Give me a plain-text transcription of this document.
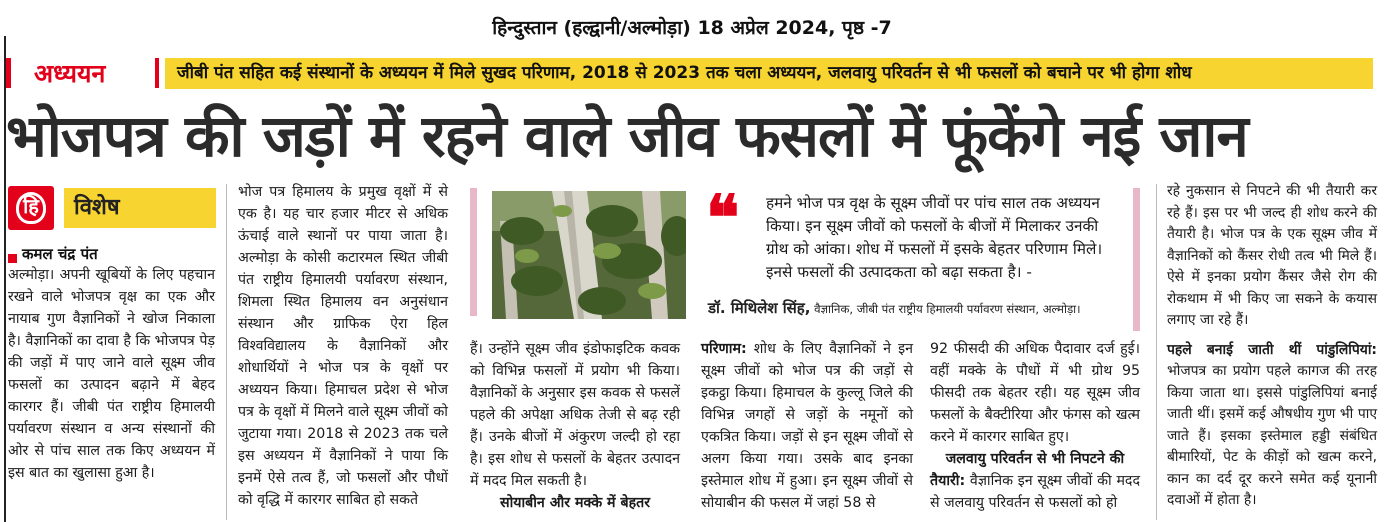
हिन्दुस्तान (हल्द्वानी/अल्मोड़ा) 18 अप्रेल 2024, पृष्ठ -7
अध्ययन	जीबी पंत सहित कई संस्थानों के अध्ययन में मिले सुखद परिणाम, 2018 से 2023 तक चला अध्ययन, जलवायु परिवर्तन से भी फसलों को बचाने पर भी होगा शोध
भोजपत्र की जड़ों में रहने वाले जीव फसलों में फूंकेंगे नई जान
हि	विशेष
कमल चंद्र पंत

अल्मोड़ा। अपनी खूबियों के लिए पहचान रखने वाले भोजपत्र वृक्ष का एक और नायाब गुण वैज्ञानिकों ने खोज निकाला है। वैज्ञानिकों का दावा है कि भोजपत्र पेड़ की जड़ों में पाए जाने वाले सूक्ष्म जीव फसलों का उत्पादन बढ़ाने में बेहद कारगर हैं। जीबी पंत राष्ट्रीय हिमालयी पर्यावरण संस्थान व अन्य संस्थानों की ओर से पांच साल तक किए अध्ययन में इस बात का खुलासा हुआ है।

भोज पत्र हिमालय के प्रमुख वृक्षों में से एक है। यह चार हजार मीटर से अधिक ऊंचाई वाले स्थानों पर पाया जाता है। अल्मोड़ा के कोसी कटारमल स्थित जीबी पंत राष्ट्रीय हिमालयी पर्यावरण संस्थान, शिमला स्थित हिमालय वन अनुसंधान संस्थान और ग्राफिक ऐरा हिल विश्वविद्यालय के वैज्ञानिकों और शोधार्थियों ने भोज पत्र के वृक्षों पर अध्ययन किया। हिमाचल प्रदेश से भोज पत्र के वृक्षों में मिलने वाले सूक्ष्म जीवों को जुटाया गया। 2018 से 2023 तक चले इस अध्ययन में वैज्ञानिकों ने पाया कि इनमें ऐसे तत्व हैं, जो फसलों और पौधों को वृद्धि में कारगर साबित हो सकते

हैं। उन्होंने सूक्ष्म जीव इंडोफाइटिक कवक को विभिन्न फसलों में प्रयोग भी किया। वैज्ञानिकों के अनुसार इस कवक से फसलें पहले की अपेक्षा अधिक तेजी से बढ़ रही हैं। उनके बीजों में अंकुरण जल्दी हो रहा है। इस शोध से फसलों के बेहतर उत्पादन में मदद मिल सकती है।

सोयाबीन और मक्के में बेहतर

❝ हमने भोज पत्र वृक्ष के सूक्ष्म जीवों पर पांच साल तक अध्ययन किया। इन सूक्ष्म जीवों को फसलों के बीजों में मिलाकर उनकी ग्रोथ को आंका। शोध में फसलों में इसके बेहतर परिणाम मिले। इनसे फसलों की उत्पादकता को बढ़ा सकता है। -
डॉ. मिथिलेश सिंह, वैज्ञानिक, जीबी पंत राष्ट्रीय हिमालयी पर्यावरण संस्थान, अल्मोड़ा।

परिणाम: शोध के लिए वैज्ञानिकों ने इन सूक्ष्म जीवों को भोज पत्र की जड़ों से इकट्ठा किया। हिमाचल के कुल्लू जिले की विभिन्न जगहों से जड़ों के नमूनों को एकत्रित किया। जड़ों से इन सूक्ष्म जीवों से अलग किया गया। उसके बाद इनका इस्तेमाल शोध में हुआ। इन सूक्ष्म जीवों से सोयाबीन की फसल में जहां 58 से

92 फीसदी की अधिक पैदावार दर्ज हुई। वहीं मक्के के पौधों में भी ग्रोथ 95 फीसदी तक बेहतर रही। यह सूक्ष्म जीव फसलों के बैक्टीरिया और फंगस को खत्म करने में कारगर साबित हुए।

जलवायु परिवर्तन से भी निपटने की

तैयारी: वैज्ञानिक इन सूक्ष्म जीवों की मदद से जलवायु परिवर्तन से फसलों को हो

रहे नुकसान से निपटने की भी तैयारी कर रहे हैं। इस पर भी जल्द ही शोध करने की तैयारी है। भोज पत्र के एक सूक्ष्म जीव में वैज्ञानिकों को कैंसर रोधी तत्व भी मिले हैं। ऐसे में इनका प्रयोग कैंसर जैसे रोग की रोकथाम में भी किए जा सकने के कयास लगाए जा रहे हैं।

पहले बनाई जाती थीं पांडुलिपियां: भोजपत्र का प्रयोग पहले कागज की तरह किया जाता था। इससे पांडुलिपियां बनाई जाती थीं। इसमें कई औषधीय गुण भी पाए जाते हैं। इसका इस्तेमाल हड्डी संबंधित बीमारियों, पेट के कीड़ों को खत्म करने, कान का दर्द दूर करने समेत कई यूनानी दवाओं में होता है।
